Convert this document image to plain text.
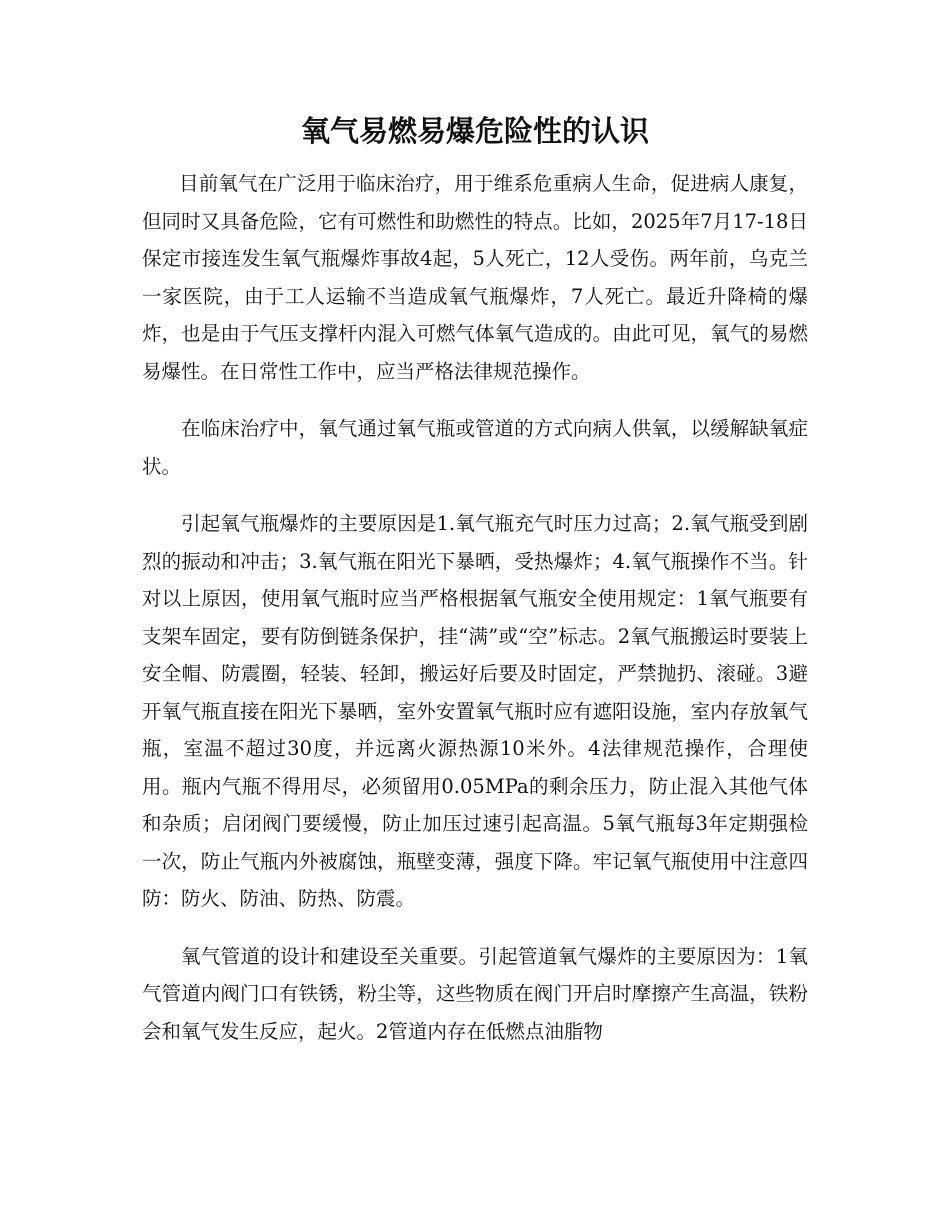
氧气易燃易爆危险性的认识

目前氧气在广泛用于临床治疗，用于维系危重病人生命，促进病人康复，但同时又具备危险，它有可燃性和助燃性的特点。比如，2025年7月17-18日保定市接连发生氧气瓶爆炸事故4起，5人死亡，12人受伤。两年前，乌克兰一家医院，由于工人运输不当造成氧气瓶爆炸，7人死亡。最近升降椅的爆炸，也是由于气压支撑杆内混入可燃气体氧气造成的。由此可见，氧气的易燃易爆性。在日常性工作中，应当严格法律规范操作。

在临床治疗中，氧气通过氧气瓶或管道的方式向病人供氧，以缓解缺氧症状。

引起氧气瓶爆炸的主要原因是1.氧气瓶充气时压力过高；2.氧气瓶受到剧烈的振动和冲击；3.氧气瓶在阳光下暴晒，受热爆炸；4.氧气瓶操作不当。针对以上原因，使用氧气瓶时应当严格根据氧气瓶安全使用规定：1氧气瓶要有支架车固定，要有防倒链条保护，挂“满”或“空”标志。2氧气瓶搬运时要装上安全帽、防震圈，轻装、轻卸，搬运好后要及时固定，严禁抛扔、滚碰。3避开氧气瓶直接在阳光下暴晒，室外安置氧气瓶时应有遮阳设施，室内存放氧气瓶，室温不超过30度，并远离火源热源10米外。4法律规范操作，合理使用。瓶内气瓶不得用尽，必须留用0.05MPa的剩余压力，防止混入其他气体和杂质；启闭阀门要缓慢，防止加压过速引起高温。5氧气瓶每3年定期强检一次，防止气瓶内外被腐蚀，瓶壁变薄，强度下降。牢记氧气瓶使用中注意四防：防火、防油、防热、防震。

氧气管道的设计和建设至关重要。引起管道氧气爆炸的主要原因为：1氧气管道内阀门口有铁锈，粉尘等，这些物质在阀门开启时摩擦产生高温，铁粉会和氧气发生反应，起火。2管道内存在低燃点油脂物
